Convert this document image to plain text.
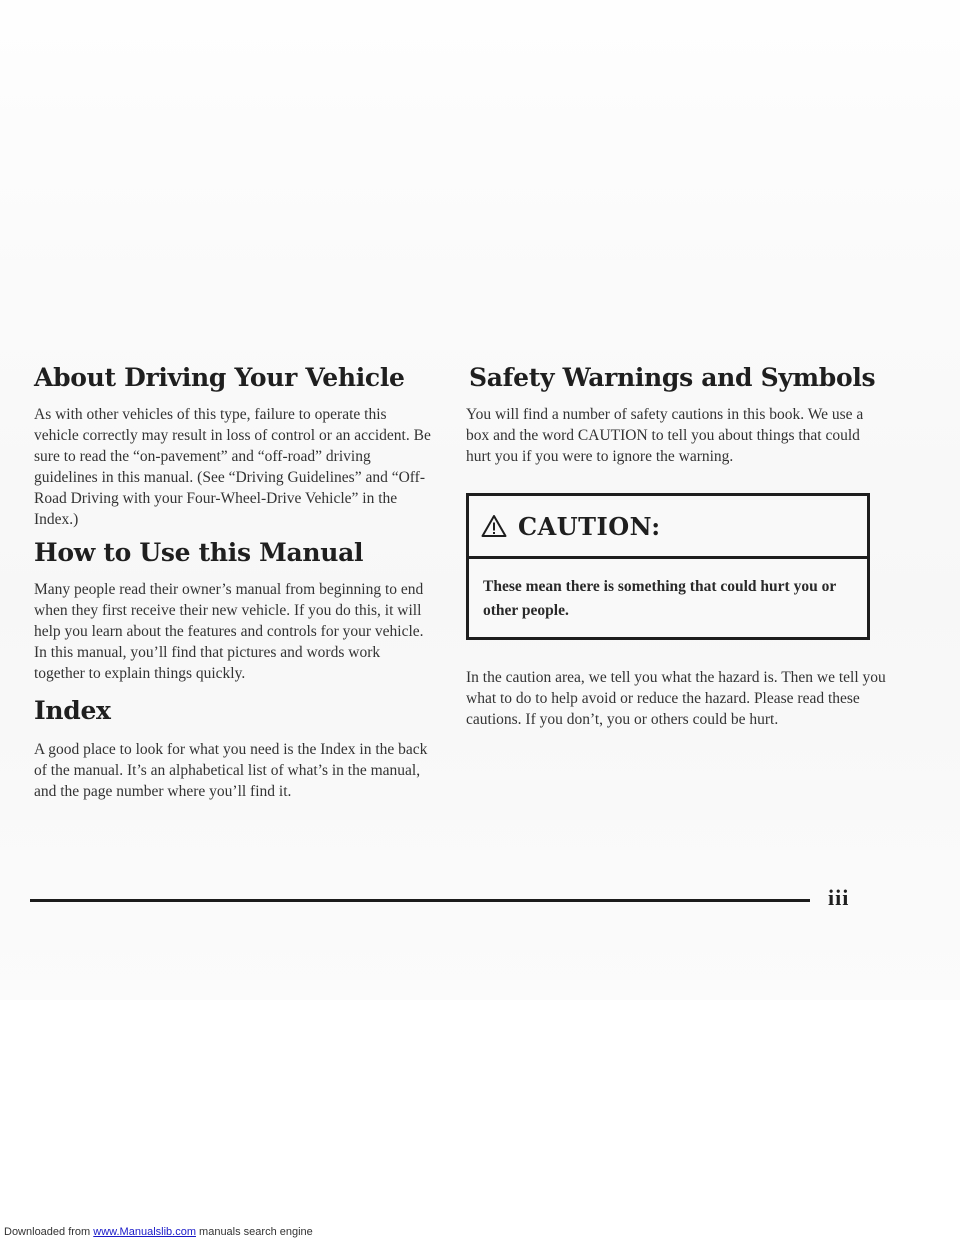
About Driving Your Vehicle

As with other vehicles of this type, failure to operate this vehicle correctly may result in loss of control or an accident. Be sure to read the “on-pavement” and “off-road” driving guidelines in this manual. (See “Driving Guidelines” and “Off-Road Driving with your Four-Wheel-Drive Vehicle” in the Index.)

How to Use this Manual

Many people read their owner’s manual from beginning to end when they first receive their new vehicle. If you do this, it will help you learn about the features and controls for your vehicle. In this manual, you’ll find that pictures and words work together to explain things quickly.

Index

A good place to look for what you need is the Index in the back of the manual. It’s an alphabetical list of what’s in the manual, and the page number where you’ll find it.

Safety Warnings and Symbols

You will find a number of safety cautions in this book. We use a box and the word CAUTION to tell you about things that could hurt you if you were to ignore the warning.

CAUTION:
These mean there is something that could hurt you or other people.

In the caution area, we tell you what the hazard is. Then we tell you what to do to help avoid or reduce the hazard. Please read these cautions. If you don’t, you or others could be hurt.

iii
Downloaded from www.Manualslib.com manuals search engine
